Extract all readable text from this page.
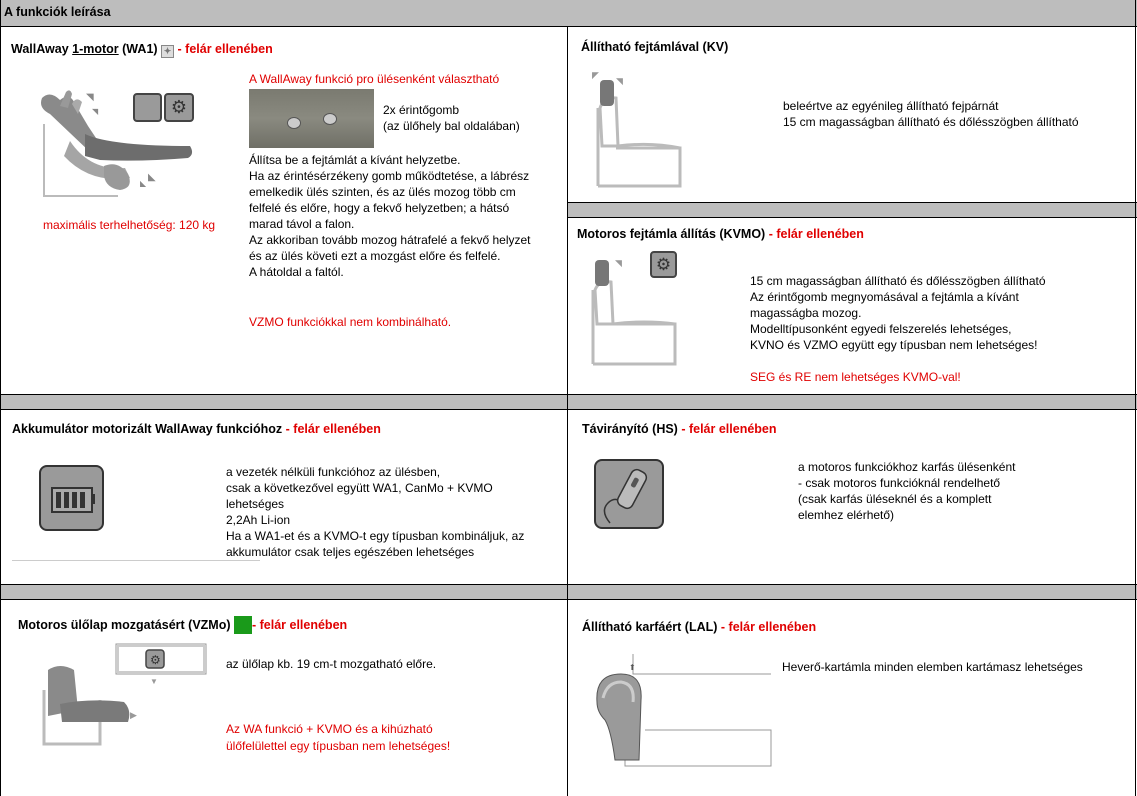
A funkciók leírása
WallAway 1-motor (WA1) ✦ - felár ellenében
◥
◥
◣
◣
⚙
maximális terhelhetőség: 120 kg
A WallAway funkció pro ülésenként választható
2x érintőgomb
(az ülőhely bal oldalában)
Állítsa be a fejtámlát a kívánt helyzetbe.
Ha az érintésérzékeny gomb működtetése, a lábrész
emelkedik ülés szinten, és az ülés mozog több cm
felfelé és előre, hogy a fekvő helyzetben; a hátsó
marad távol a falon.
Az akkoriban tovább mozog hátrafelé a fekvő helyzet
és az ülés követi ezt a mozgást előre és felfelé.
A hátoldal a faltól.
VZMO funkciókkal nem kombinálható.
Állítható fejtámlával (KV)
◤
◥
beleértve az egyénileg állítható fejpárnát
15 cm magasságban állítható és dőlésszögben állítható
Motoros fejtámla állítás (KVMO) - felár ellenében
◥	⚙
15 cm magasságban állítható és dőlésszögben állítható
Az érintőgomb megnyomásával a fejtámla a kívánt
magasságba mozog.
Modelltípusonként egyedi felszerelés lehetséges,
KVNO és VZMO együtt egy típusban nem lehetséges!
SEG és RE nem lehetséges KVMO-val!
Akkumulátor motorizált WallAway funkcióhoz - felár ellenében
a vezeték nélküli funkcióhoz az ülésben,
csak a következővel együtt WA1, CanMo + KVMO
lehetséges
2,2Ah Li-ion
Ha a WA1-et és a KVMO-t egy típusban kombináljuk, az
akkumulátor csak teljes egészében lehetséges
Távirányító (HS) - felár ellenében
a motoros funkciókhoz karfás ülésenként
- csak motoros funkcióknál rendelhető
(csak karfás üléseknél és a komplett
elemhez elérhető)
Motoros ülőlap mozgatásért (VZMo) - felár ellenében
⚙
▼
▶
az ülőlap kb. 19 cm-t mozgatható előre.
Az WA funkció + KVMO és a kihúzható
ülőfelülettel egy típusban nem lehetséges!
Állítható karfáért (LAL) - felár ellenében
⬆	Heverő-kartámla minden elemben kartámasz lehetséges
